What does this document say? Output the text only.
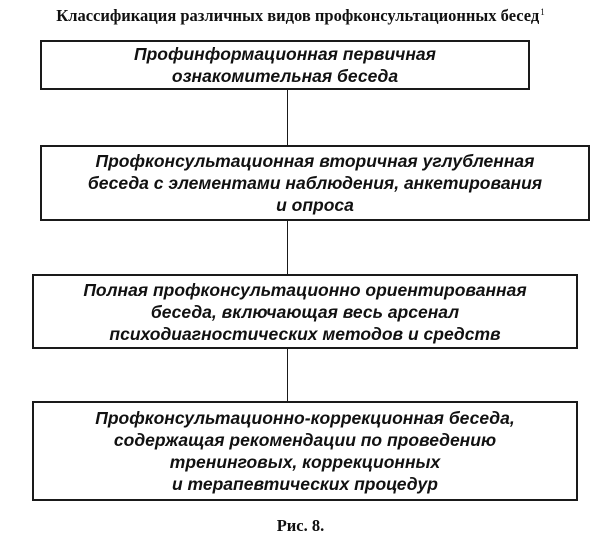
Классификация различных видов профконсультационных бесед$^1$
Профинформационная первичная
ознакомительная беседа
Профконсультационная вторичная углубленная
беседа с элементами наблюдения, анкетирования
и опроса
Полная профконсультационно ориентированная
беседа, включающая весь арсенал
психодиагностических методов и средств
Профконсультационно-коррекционная беседа,
содержащая рекомендации по проведению
тренинговых, коррекционных
и терапевтических процедур
Рис. 8.
